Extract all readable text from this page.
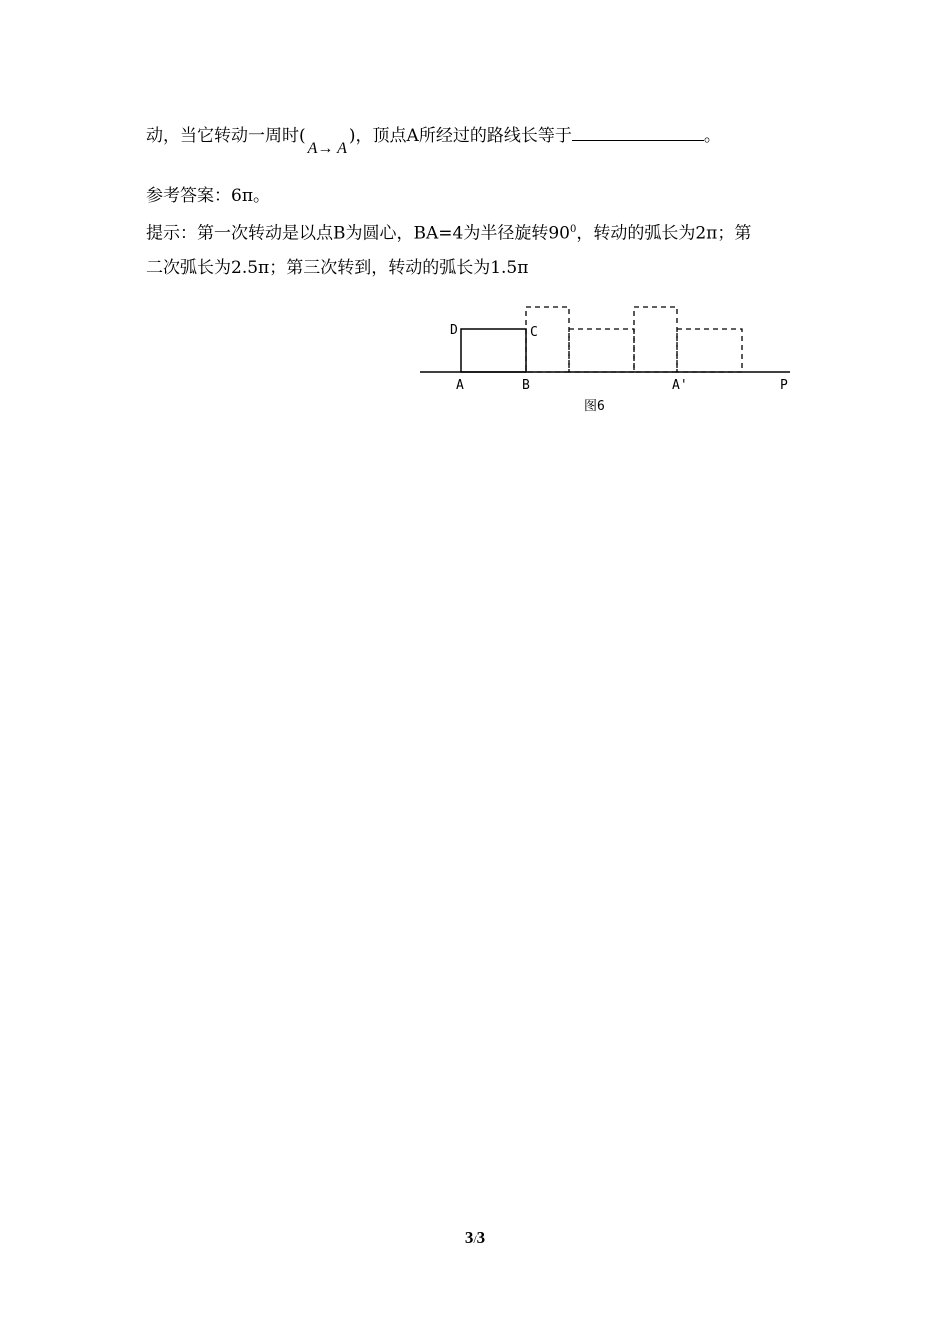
动，当它转动一周时(A→ A)，顶点A所经过的路线长等于	。
参考答案：6π。
提示：第一次转动是以点B为圆心，BA=4为半径旋转$90^0$，转动的弧长为2π；第
二次弧长为2.5π；第三次转到，转动的弧长为1.5π
D	C
A	B	A'	P
图6
3/3
